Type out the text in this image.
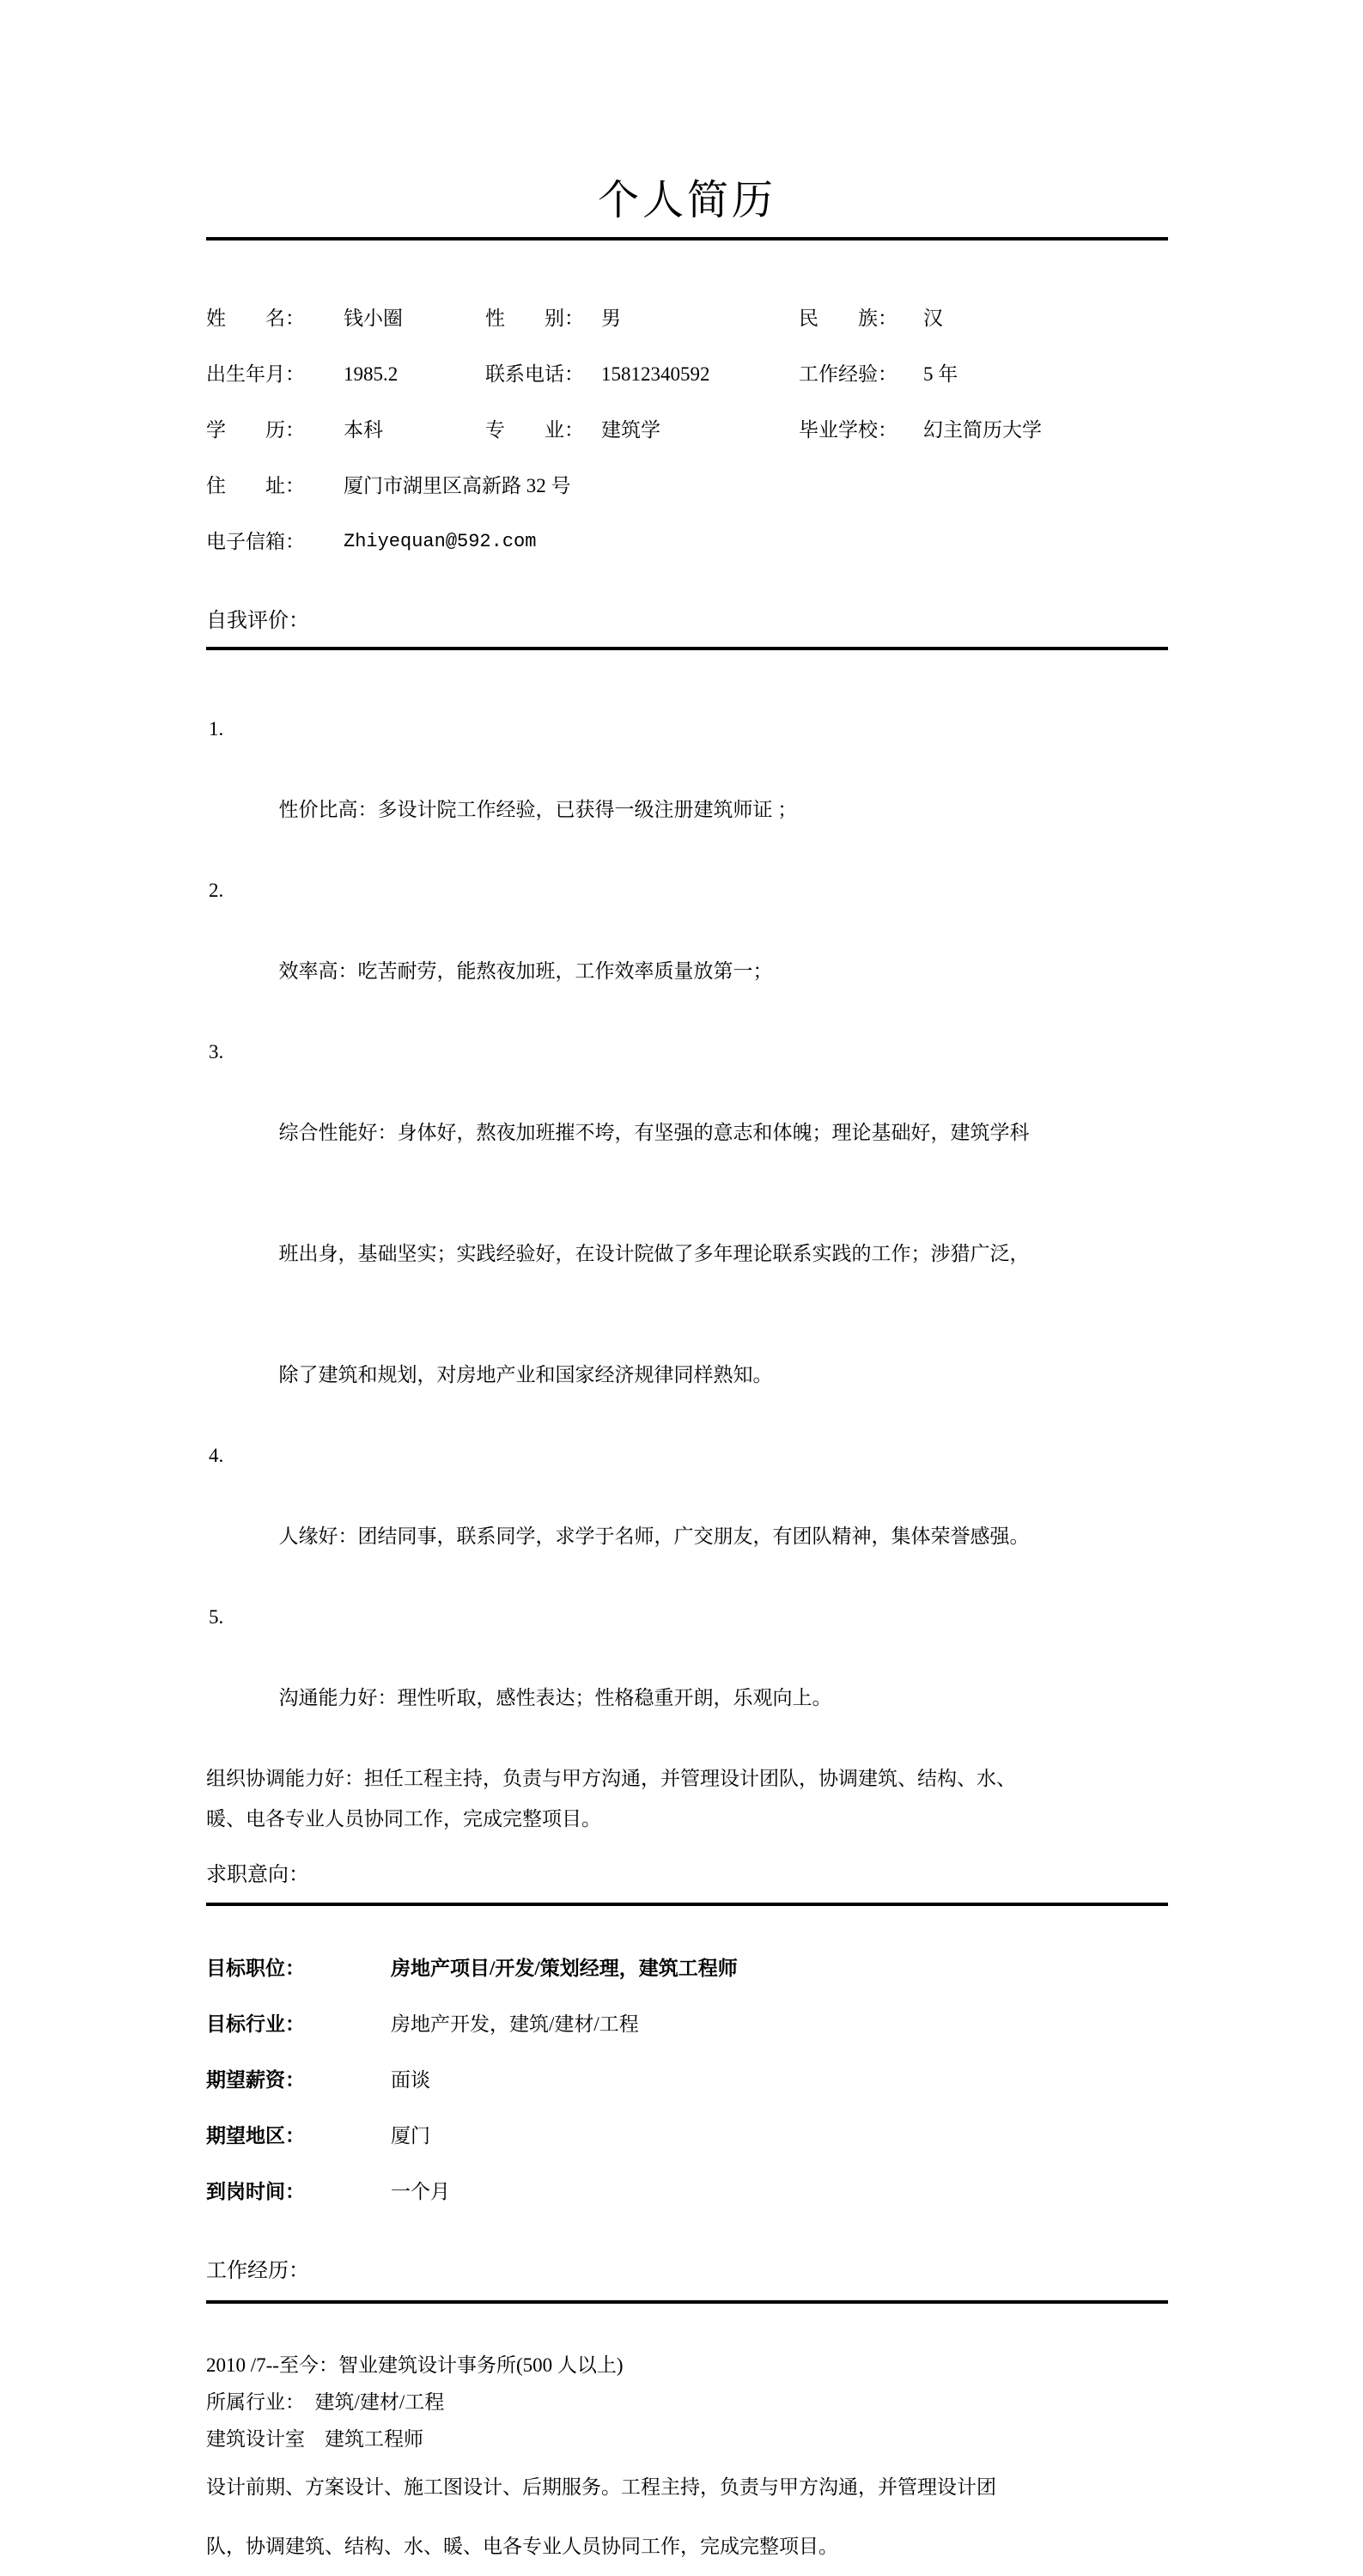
个人简历
姓　　名：	钱小圈	性　　别： 男	民　　族：	汉
出生年月：	1985.2	联系电话： 15812340592	工作经验：	5 年
学　　历：	本科	专　　业： 建筑学	毕业学校：	幻主简历大学
住　　址：	厦门市湖里区高新路 32 号
电子信箱：	Zhiyequan@592.com
自我评价：

1.

性价比高：多设计院工作经验，已获得一级注册建筑师证 ；

2.

效率高：吃苦耐劳，能熬夜加班，工作效率质量放第一；

3.

综合性能好：身体好，熬夜加班摧不垮，有坚强的意志和体魄；理论基础好，建筑学科

班出身，基础坚实；实践经验好，在设计院做了多年理论联系实践的工作；涉猎广泛，

除了建筑和规划，对房地产业和国家经济规律同样熟知。

4.

人缘好：团结同事，联系同学，求学于名师，广交朋友，有团队精神，集体荣誉感强。

5.

沟通能力好：理性听取，感性表达；性格稳重开朗，乐观向上。

组织协调能力好：担任工程主持，负责与甲方沟通，并管理设计团队，协调建筑、结构、水、
暖、电各专业人员协同工作，完成完整项目。
求职意向：
目标职位：	房地产项目/开发/策划经理，建筑工程师
目标行业：	房地产开发，建筑/建材/工程
期望薪资：	面谈
期望地区：	厦门
到岗时间：	一个月
工作经历：
2010 /7--至今：智业建筑设计事务所(500 人以上)
所属行业：  建筑/建材/工程
建筑设计室　建筑工程师
设计前期、方案设计、施工图设计、后期服务。工程主持，负责与甲方沟通，并管理设计团
队，协调建筑、结构、水、暖、电各专业人员协同工作，完成完整项目。
